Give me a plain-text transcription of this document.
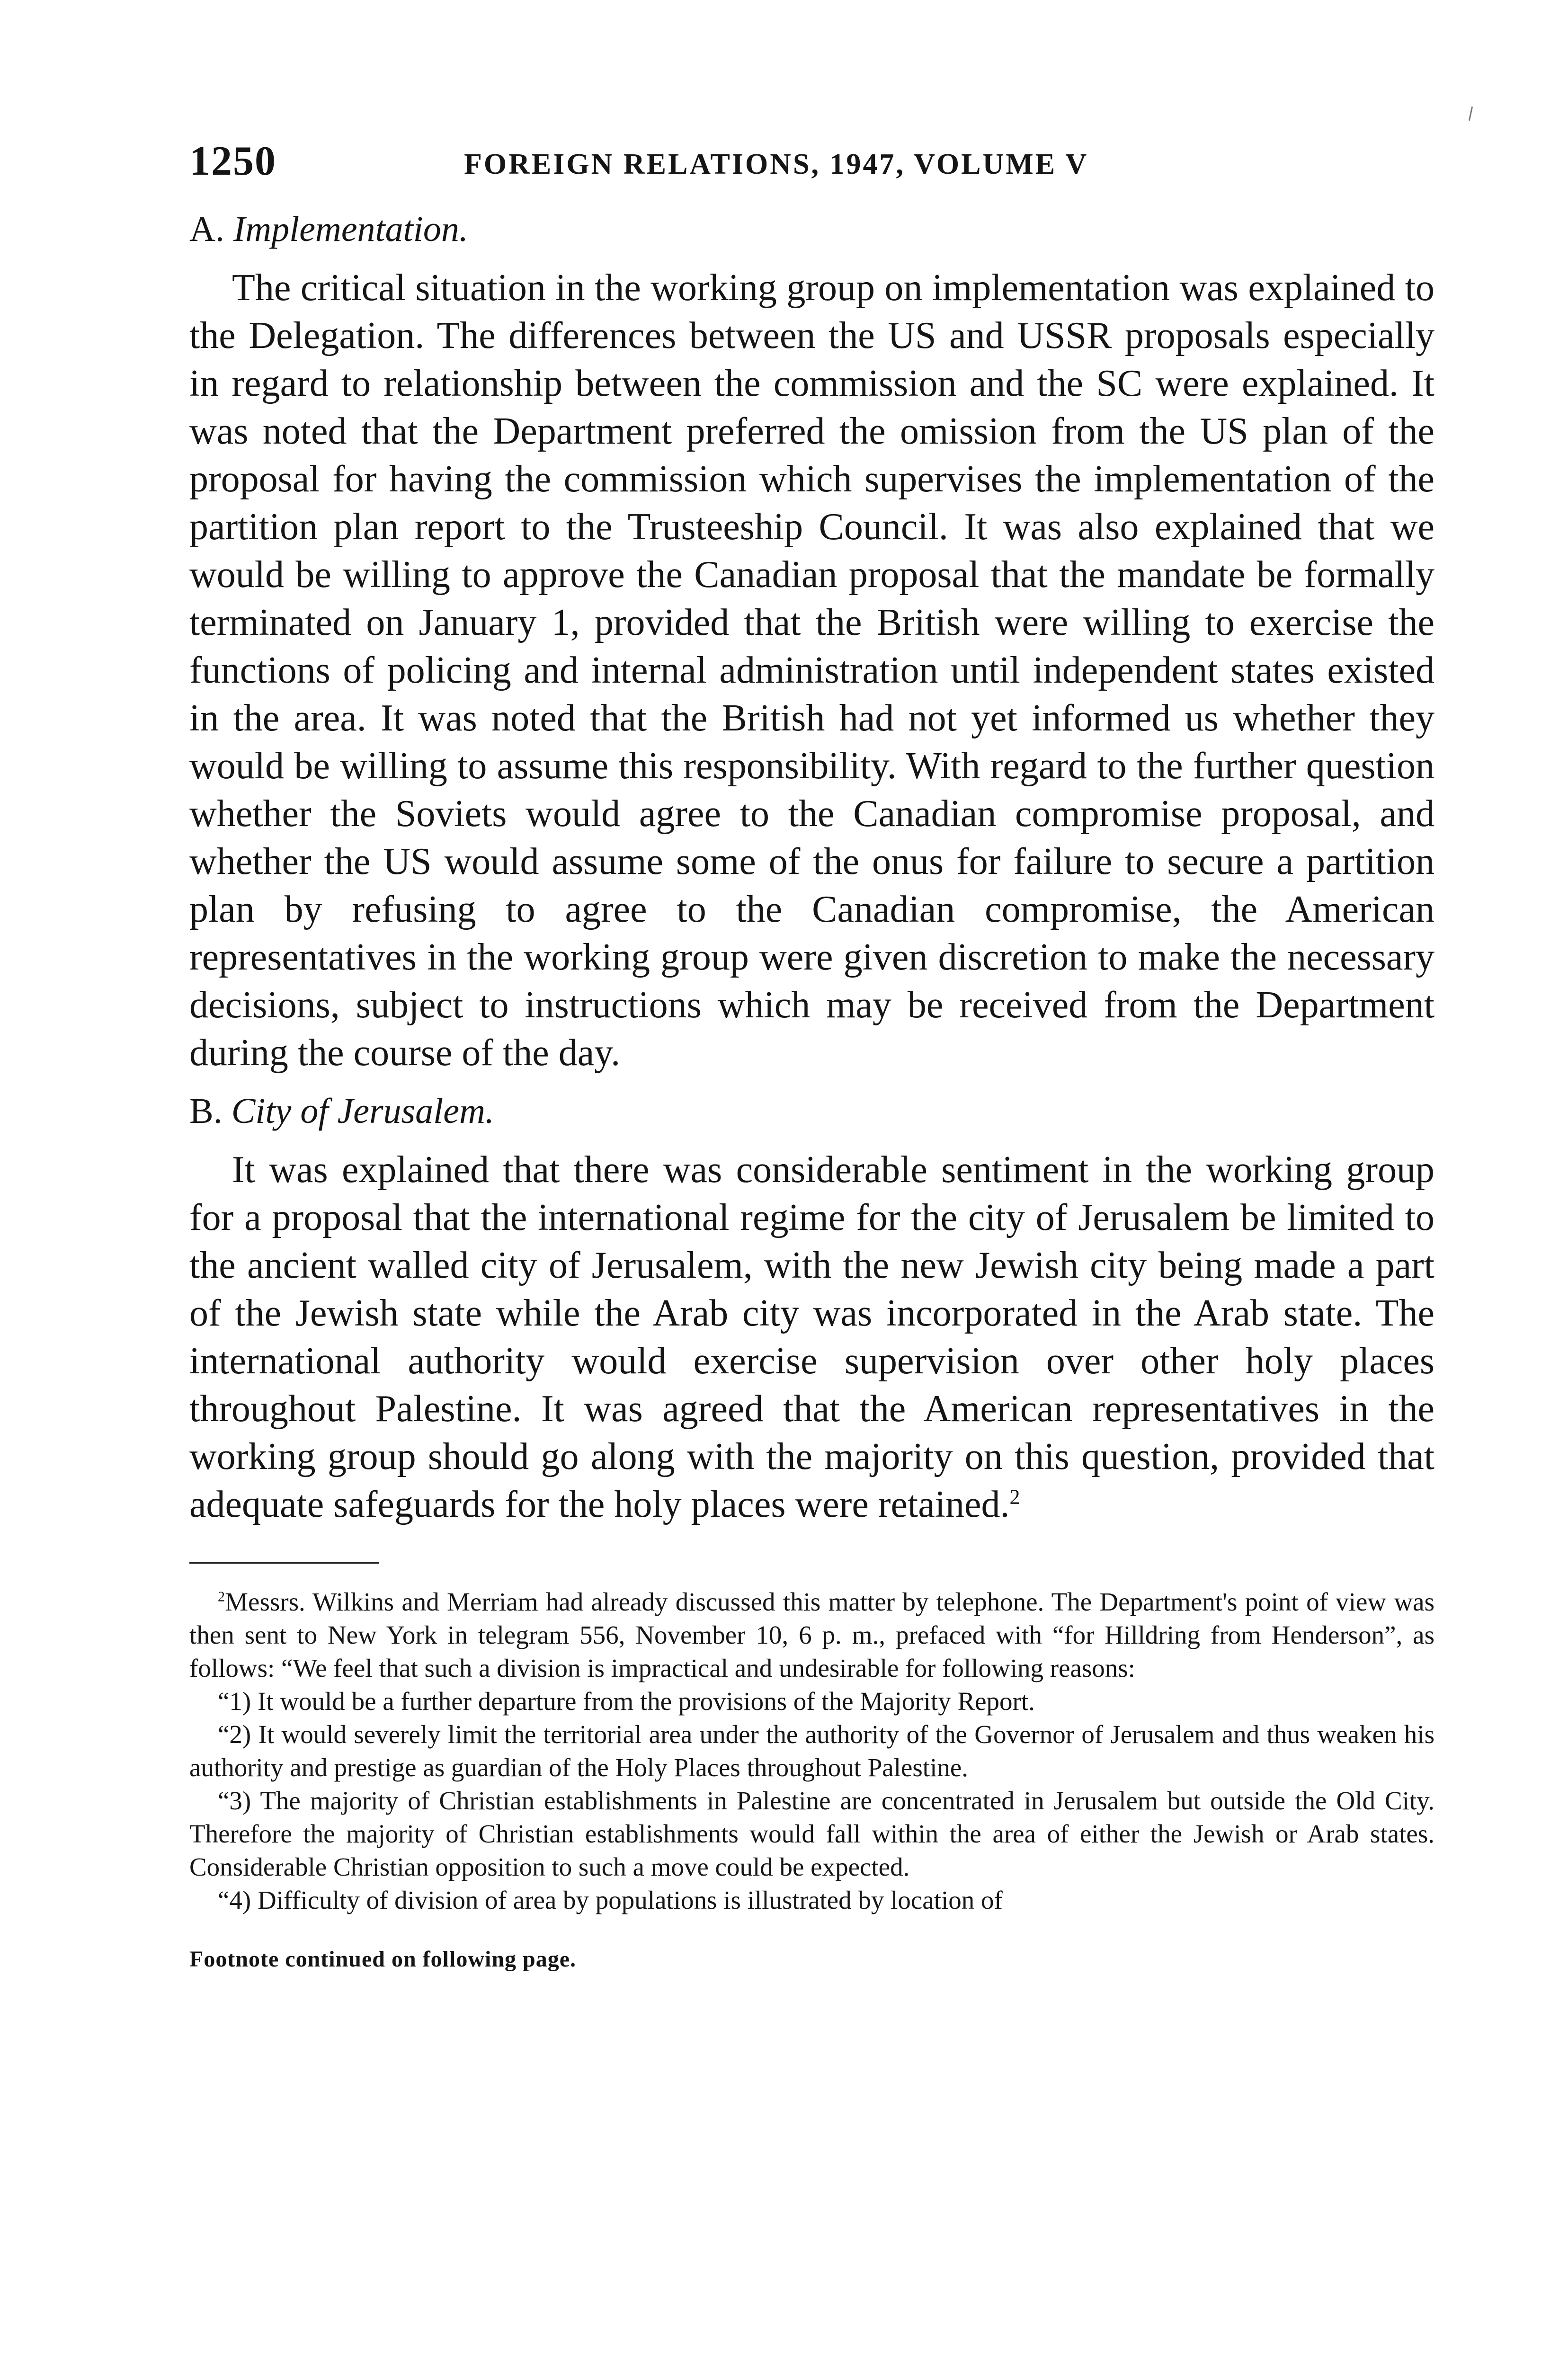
1250	FOREIGN RELATIONS, 1947, VOLUME V
A. Implementation.

The critical situation in the working group on implementation was explained to the Delegation. The differences between the US and USSR proposals especially in regard to relationship between the commission and the SC were explained. It was noted that the Department preferred the omission from the US plan of the proposal for having the commission which supervises the implementation of the partition plan report to the Trusteeship Council. It was also explained that we would be willing to approve the Canadian proposal that the mandate be formally terminated on January 1, provided that the British were willing to exercise the functions of policing and internal administration until independent states existed in the area. It was noted that the British had not yet informed us whether they would be willing to assume this responsibility. With regard to the further question whether the Soviets would agree to the Canadian compromise proposal, and whether the US would assume some of the onus for failure to secure a partition plan by refusing to agree to the Canadian compromise, the American representatives in the working group were given discretion to make the necessary decisions, subject to instructions which may be received from the Department during the course of the day.

B. City of Jerusalem.

It was explained that there was considerable sentiment in the working group for a proposal that the international regime for the city of Jerusalem be limited to the ancient walled city of Jerusalem, with the new Jewish city being made a part of the Jewish state while the Arab city was incorporated in the Arab state. The international authority would exercise supervision over other holy places throughout Palestine. It was agreed that the American representatives in the working group should go along with the majority on this question, provided that adequate safeguards for the holy places were retained.$^2$

$^2$Messrs. Wilkins and Merriam had already discussed this matter by telephone. The Department's point of view was then sent to New York in telegram 556, November 10, 6 p. m., prefaced with “for Hilldring from Henderson”, as follows: “We feel that such a division is impractical and undesirable for following reasons:

“1) It would be a further departure from the provisions of the Majority Report.

“2) It would severely limit the territorial area under the authority of the Governor of Jerusalem and thus weaken his authority and prestige as guardian of the Holy Places throughout Palestine.

“3) The majority of Christian establishments in Palestine are concentrated in Jerusalem but outside the Old City. Therefore the majority of Christian establishments would fall within the area of either the Jewish or Arab states. Considerable Christian opposition to such a move could be expected.

“4) Difficulty of division of area by populations is illustrated by location of

Footnote continued on following page.
